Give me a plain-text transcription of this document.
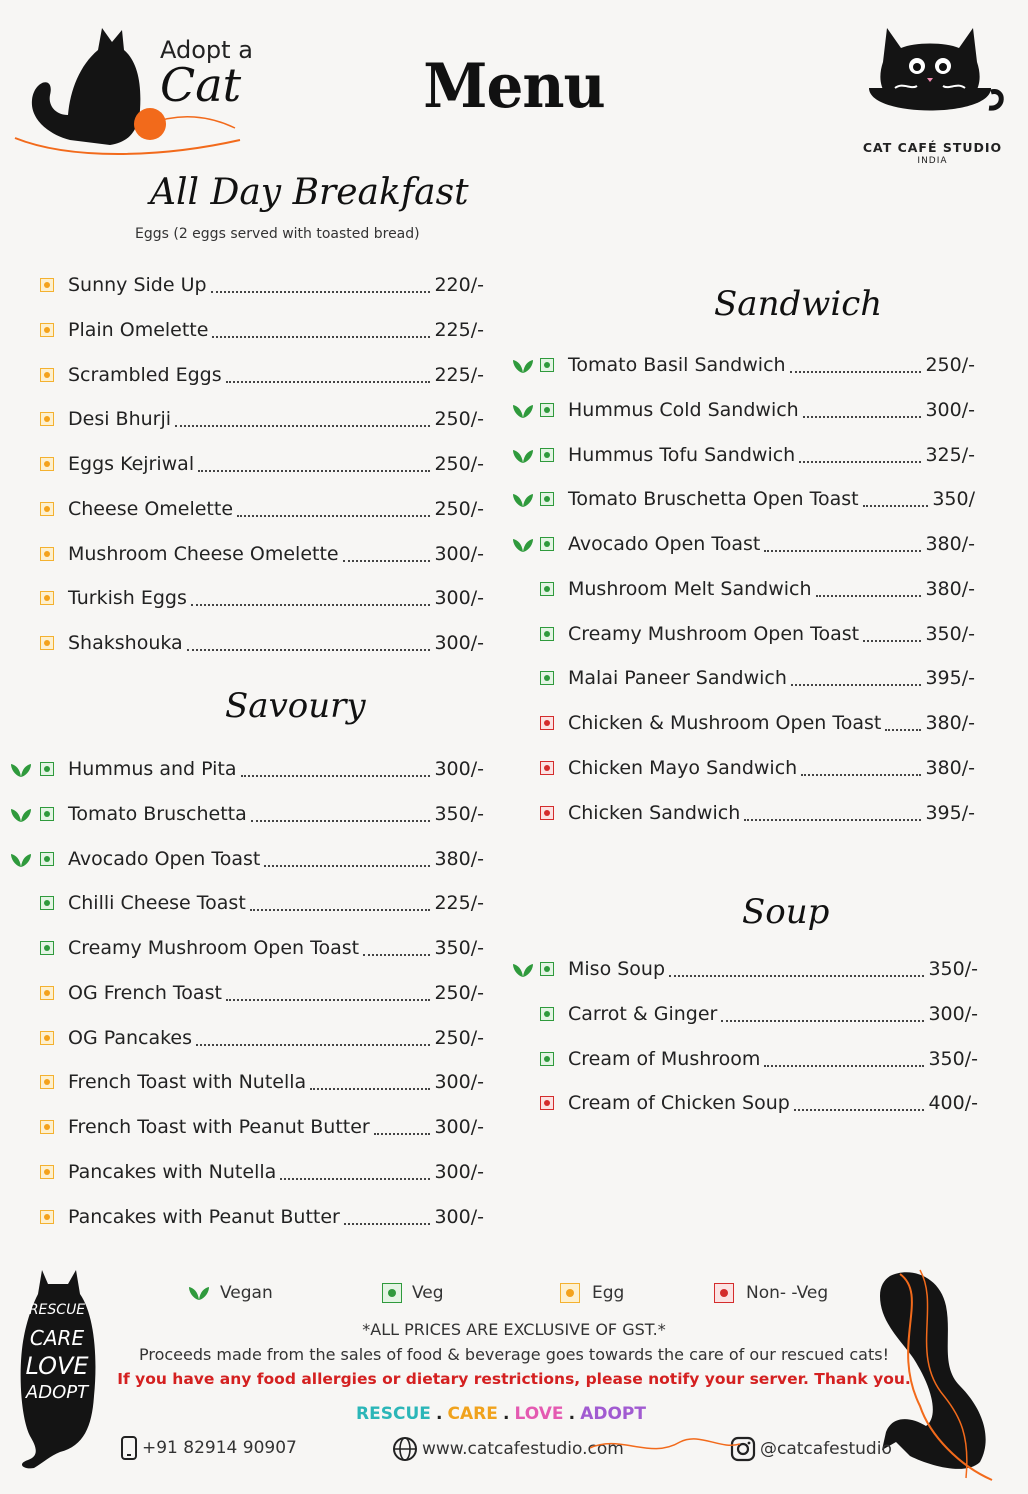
Adopt a
Cat	Menu
CAT CAFÉ STUDIO
INDIA
All Day Breakfast
Eggs (2 eggs served with toasted bread)
Savoury
Sandwich
Soup
Sunny Side Up	220/-
Plain Omelette	225/-
Scrambled Eggs	225/-
Desi Bhurji	250/-
Eggs Kejriwal	250/-
Cheese Omelette	250/-
Mushroom Cheese Omelette	300/-
Turkish Eggs	300/-
Shakshouka	300/-
Hummus and Pita	300/-
Tomato Bruschetta	350/-
Avocado Open Toast	380/-
Chilli Cheese Toast	225/-
Creamy Mushroom Open Toast	350/-
OG French Toast	250/-
OG Pancakes	250/-
French Toast with Nutella	300/-
French Toast with Peanut Butter	300/-
Pancakes with Nutella	300/-
Pancakes with Peanut Butter	300/-
Tomato Basil Sandwich	250/-
Hummus Cold Sandwich	300/-
Hummus Tofu Sandwich	325/-
Tomato Bruschetta Open Toast	350/
Avocado Open Toast	380/-
Mushroom Melt Sandwich	380/-
Creamy Mushroom Open Toast	350/-
Malai Paneer Sandwich	395/-
Chicken & Mushroom Open Toast 380/-
Chicken Mayo Sandwich	380/-
Chicken Sandwich	395/-
Miso Soup	350/-
Carrot & Ginger	300/-
Cream of Mushroom	350/-
Cream of Chicken Soup	400/-
RESCUE
CARE
LOVE
ADOPT
Vegan	Veg	Egg	Non- -Veg
*ALL PRICES ARE EXCLUSIVE OF GST.*
Proceeds made from the sales of food & beverage goes towards the care of our rescued cats!
If you have any food allergies or dietary restrictions, please notify your server. Thank you.
RESCUE . CARE . LOVE . ADOPT
+91 82914 90907	www.catcafestudio.com	@catcafestudio
